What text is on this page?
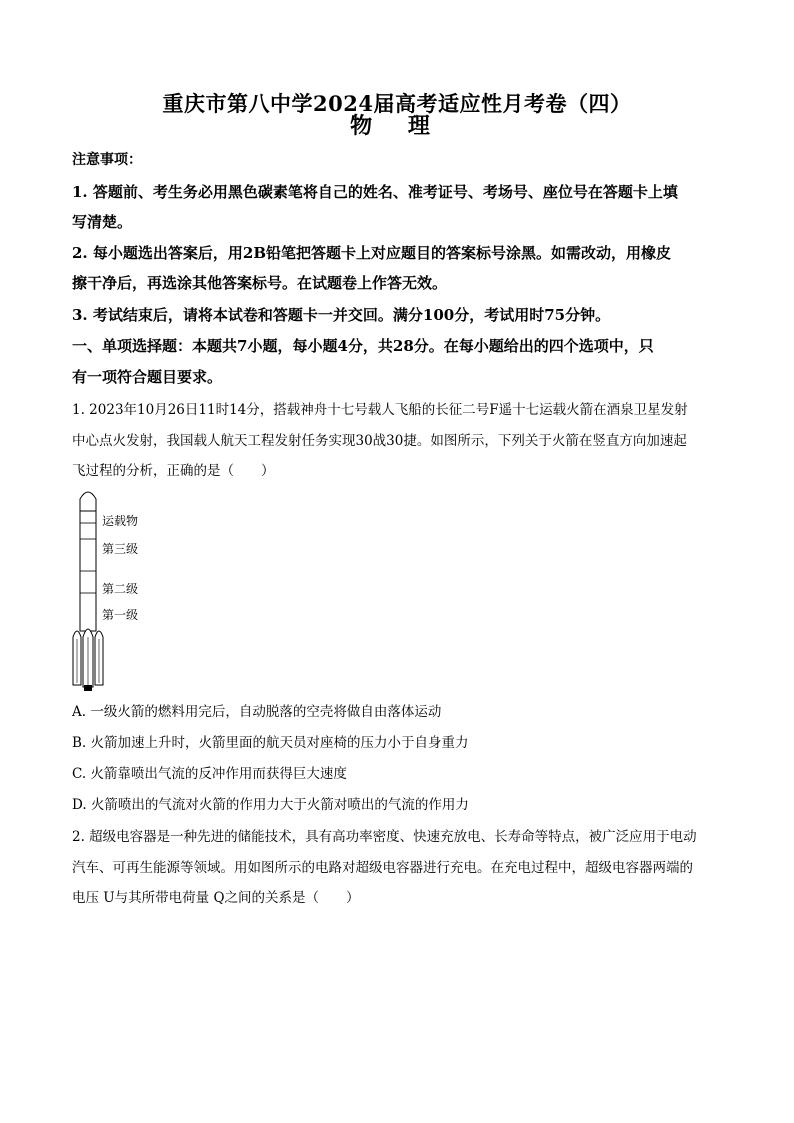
重庆市第八中学2024届高考适应性月考卷（四）
物 理
注意事项：
1. 答题前、考生务必用黑色碳素笔将自己的姓名、准考证号、考场号、座位号在答题卡上填
写清楚。
2. 每小题选出答案后，用2B铅笔把答题卡上对应题目的答案标号涂黑。如需改动，用橡皮
擦干净后，再选涂其他答案标号。在试题卷上作答无效。
3. 考试结束后，请将本试卷和答题卡一并交回。满分100分，考试用时75分钟。
一、单项选择题：本题共7小题，每小题4分，共28分。在每小题给出的四个选项中，只
有一项符合题目要求。
1. 2023年10月26日11时14分，搭载神舟十七号载人飞船的长征二号F遥十七运载火箭在酒泉卫星发射
中心点火发射，我国载人航天工程发射任务实现30战30捷。如图所示，下列关于火箭在竖直方向加速起
飞过程的分析，正确的是（　　）
运载物
第三级
第二级
第一级
A. 一级火箭的燃料用完后，自动脱落的空壳将做自由落体运动
B. 火箭加速上升时，火箭里面的航天员对座椅的压力小于自身重力
C. 火箭靠喷出气流的反冲作用而获得巨大速度
D. 火箭喷出的气流对火箭的作用力大于火箭对喷出的气流的作用力
2. 超级电容器是一种先进的储能技术，具有高功率密度、快速充放电、长寿命等特点，被广泛应用于电动
汽车、可再生能源等领域。用如图所示的电路对超级电容器进行充电。在充电过程中，超级电容器两端的
电压 U与其所带电荷量 Q之间的关系是（　　）
